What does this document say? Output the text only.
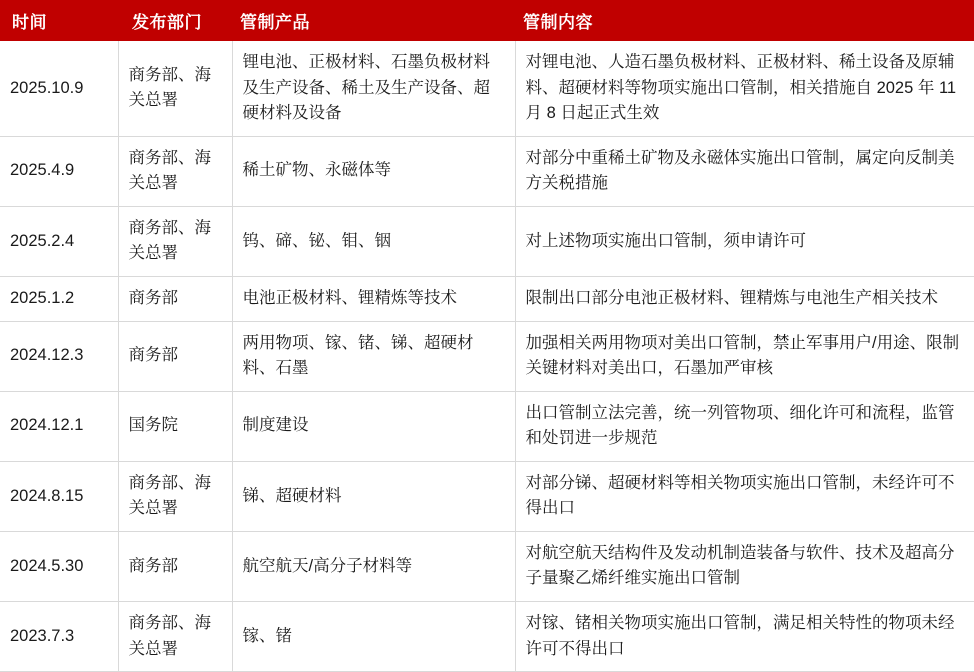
时间	发布部门	管制产品	管制内容
2025.10.9	商务部、海关总署	锂电池、正极材料、石墨负极材料及生产设备、稀土及生产设备、超硬材料及设备	对锂电池、人造石墨负极材料、正极材料、稀土设备及原辅料、超硬材料等物项实施出口管制，相关措施自 2025 年 11 月 8 日起正式生效
2025.4.9	商务部、海关总署	稀土矿物、永磁体等	对部分中重稀土矿物及永磁体实施出口管制，属定向反制美方关税措施
2025.2.4	商务部、海关总署	钨、碲、铋、钼、铟	对上述物项实施出口管制，须申请许可
2025.1.2	商务部	电池正极材料、锂精炼等技术	限制出口部分电池正极材料、锂精炼与电池生产相关技术
2024.12.3	商务部	两用物项、镓、锗、锑、超硬材料、石墨	加强相关两用物项对美出口管制，禁止军事用户/用途、限制关键材料对美出口，石墨加严审核
2024.12.1	国务院	制度建设	出口管制立法完善，统一列管物项、细化许可和流程，监管和处罚进一步规范
2024.8.15	商务部、海关总署	锑、超硬材料	对部分锑、超硬材料等相关物项实施出口管制，未经许可不得出口
2024.5.30	商务部	航空航天/高分子材料等	对航空航天结构件及发动机制造装备与软件、技术及超高分子量聚乙烯纤维实施出口管制
2023.7.3	商务部、海关总署	镓、锗	对镓、锗相关物项实施出口管制，满足相关特性的物项未经许可不得出口
